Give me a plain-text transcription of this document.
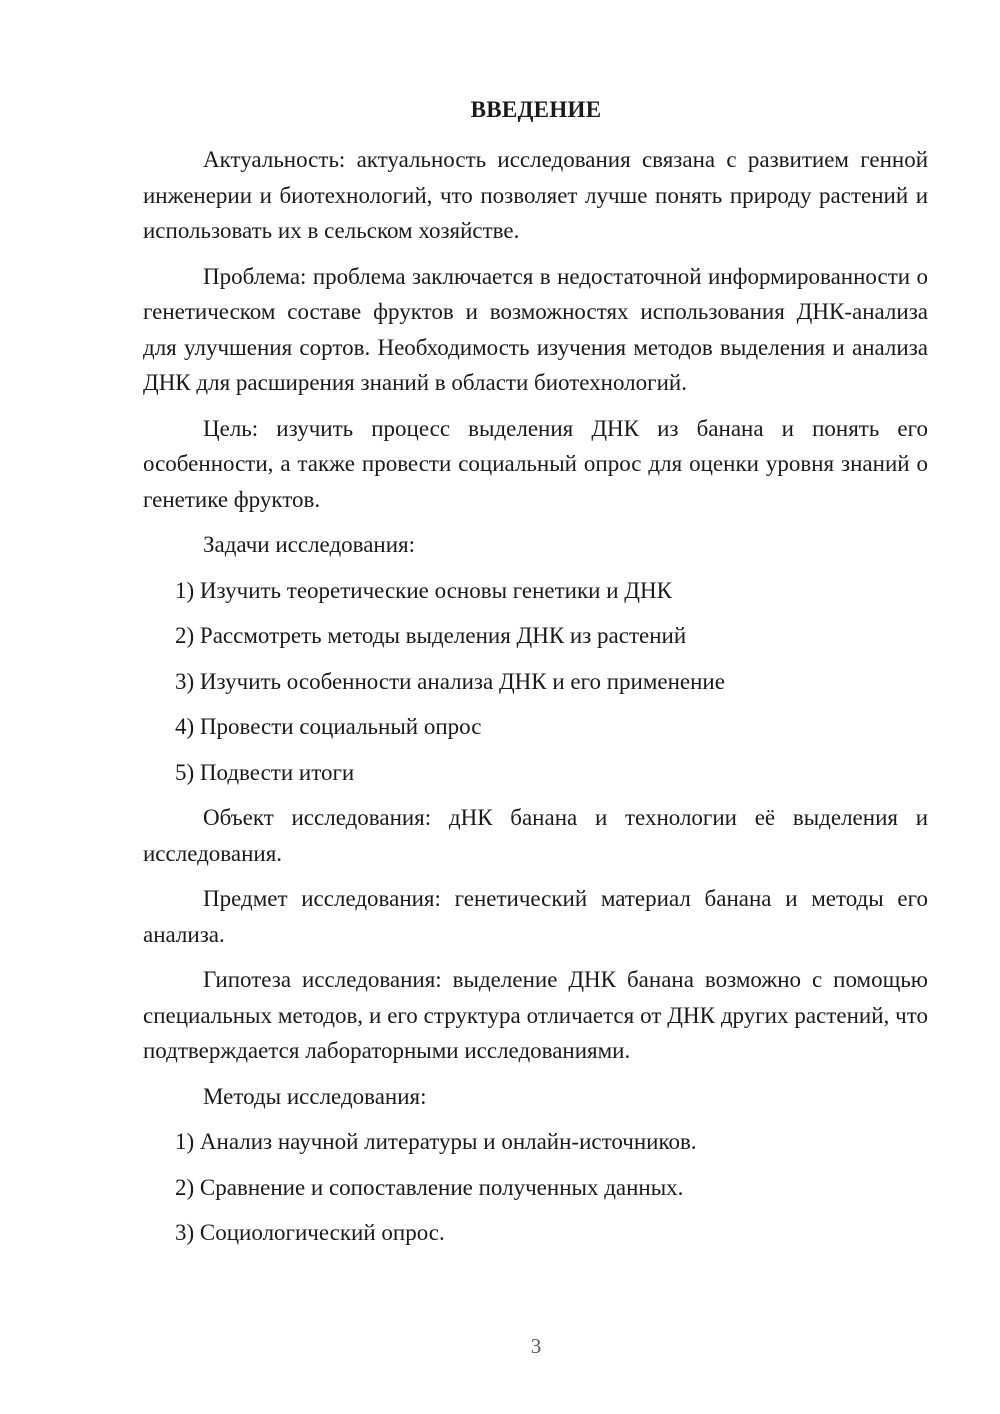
ВВЕДЕНИЕ

Актуальность: актуальность исследования связана с развитием генной инженерии и биотехнологий, что позволяет лучше понять природу растений и использовать их в сельском хозяйстве.

Проблема: проблема заключается в недостаточной информированности о генетическом составе фруктов и возможностях использования ДНК-анализа для улучшения сортов. Необходимость изучения методов выделения и анализа ДНК для расширения знаний в области биотехнологий.

Цель: изучить процесс выделения ДНК из банана и понять его особенности, а также провести социальный опрос для оценки уровня знаний о генетике фруктов.

Задачи исследования:

1) Изучить теоретические основы генетики и ДНК

2) Рассмотреть методы выделения ДНК из растений

3) Изучить особенности анализа ДНК и его применение

4) Провести социальный опрос

5) Подвести итоги

Объект исследования: дНК банана и технологии её выделения и исследования.

Предмет исследования: генетический материал банана и методы его анализа.

Гипотеза исследования: выделение ДНК банана возможно с помощью специальных методов, и его структура отличается от ДНК других растений, что подтверждается лабораторными исследованиями.

Методы исследования:

1) Анализ научной литературы и онлайн-источников.

2) Сравнение и сопоставление полученных данных.

3) Социологический опрос.

3
